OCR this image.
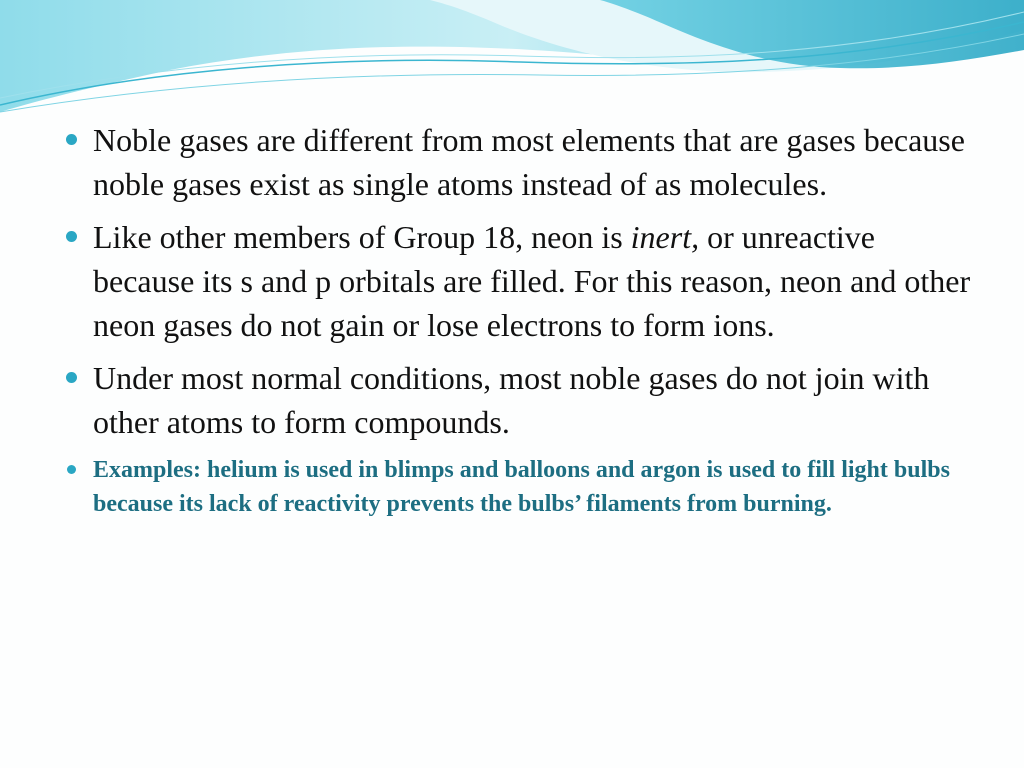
Noble gases are different from most elements that are gases because noble gases exist as single atoms instead of as molecules.
Like other members of Group 18, neon is inert, or unreactive because its s and p orbitals are filled. For this reason, neon and other neon gases do not gain or lose electrons to form ions.
Under most normal conditions, most noble gases do not join with other atoms to form compounds.
Examples: helium is used in blimps and balloons and argon is used to fill light bulbs because its lack of reactivity prevents the bulbs’ filaments from burning.
